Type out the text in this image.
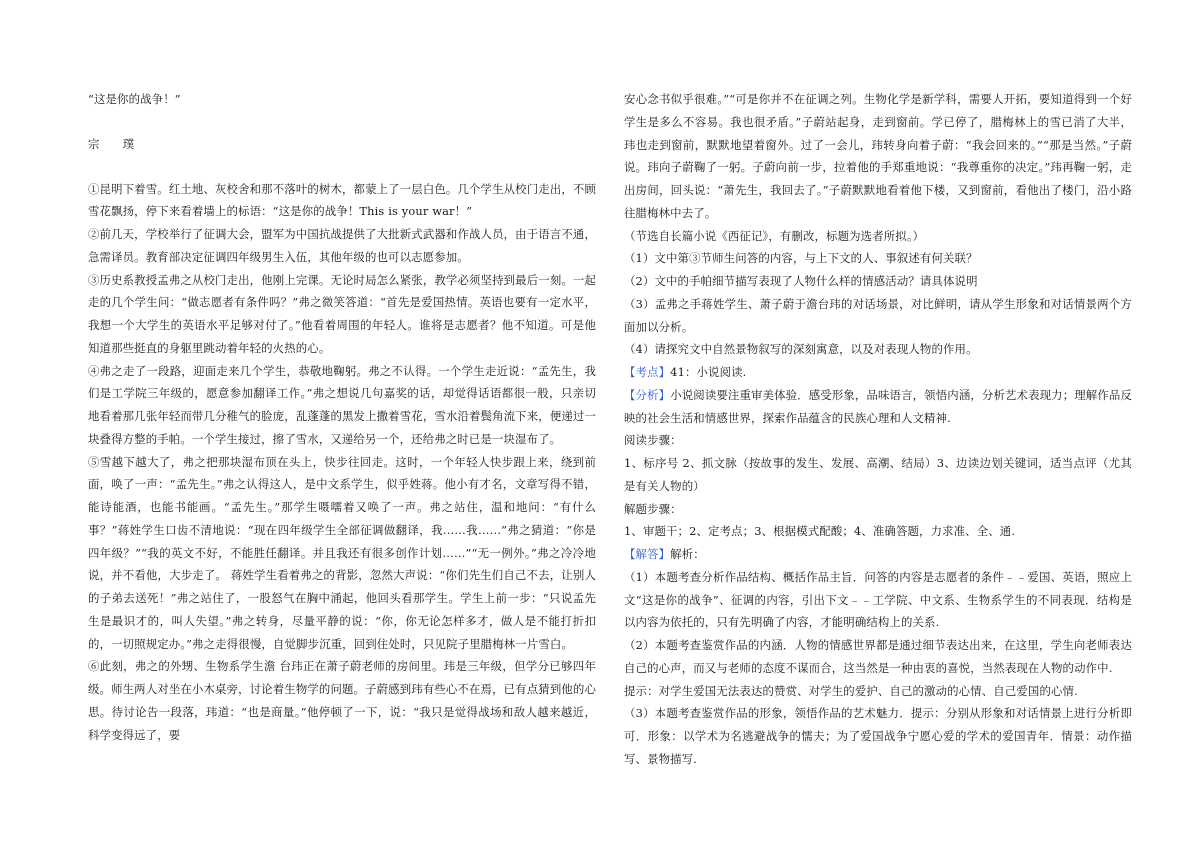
“这是你的战争！”

宗　璞

①昆明下着雪。红土地、灰校舍和那不落叶的树木，都蒙上了一层白色。几个学生从校门走出，不顾雪花飘扬，停下来看着墙上的标语：“这是你的战争！This is your war！”

②前几天，学校举行了征调大会，盟军为中国抗战提供了大批新式武器和作战人员，由于语言不通，急需译员。教育部决定征调四年级男生入伍，其他年级的也可以志愿参加。

③历史系教授孟弗之从校门走出，他刚上完课。无论时局怎么紧张，教学必须坚持到最后一刻。一起走的几个学生问：“做志愿者有条件吗？”弗之微笑答道：“首先是爱国热情。英语也要有一定水平，我想一个大学生的英语水平足够对付了。”他看着周围的年轻人。谁将是志愿者？他不知道。可是他知道那些挺直的身躯里跳动着年轻的火热的心。

④弗之走了一段路，迎面走来几个学生，恭敬地鞠躬。弗之不认得。一个学生走近说：“孟先生，我们是工学院三年级的，愿意参加翻译工作。”弗之想说几句嘉奖的话，却觉得话语都很一般，只亲切地看着那几张年轻而带几分稚气的脸庞，乱蓬蓬的黑发上撒着雪花，雪水沿着鬓角流下来，便递过一块叠得方整的手帕。一个学生接过，擦了雪水，又递给另一个，还给弗之时已是一块湿布了。

⑤雪越下越大了，弗之把那块湿布顶在头上，快步往回走。这时，一个年轻人快步跟上来，绕到前面，唤了一声：“孟先生。”弗之认得这人，是中文系学生，似乎姓蒋。他小有才名，文章写得不错，能诗能酒，也能书能画。“孟先生。”那学生嗫嚅着又唤了一声。弗之站住，温和地问：“有什么事？”蒋姓学生口齿不清地说：“现在四年级学生全部征调做翻译，我……我……”弗之猜道：“你是四年级？”“我的英文不好，不能胜任翻译。并且我还有很多创作计划……”“无一例外。”弗之冷冷地说，并不看他，大步走了。 蒋姓学生看着弗之的背影，忽然大声说：“你们先生们自己不去，让别人的子弟去送死！”弗之站住了，一股怒气在胸中涌起，他回头看那学生。学生上前一步：“只说孟先生是最识才的，叫人失望。”弗之转身，尽量平静的说：“你，你无论怎样多才，做人是不能打折扣的，一切照规定办。”弗之走得很慢，自觉脚步沉重，回到住处时，只见院子里腊梅林一片雪白。

⑥此刻，弗之的外甥、生物系学生澹 台玮正在萧子蔚老师的房间里。玮是三年级，但学分已够四年级。师生两人对坐在小木桌旁，讨论着生物学的问题。子蔚感到玮有些心不在焉，已有点猜到他的心思。待讨论告一段落，玮道：“也是商量。”他停顿了一下，说：“我只是觉得战场和敌人越来越近，科学变得远了，要

安心念书似乎很难。”“可是你并不在征调之列。生物化学是新学科，需要人开拓，要知道得到一个好学生是多么不容易。我也很矛盾。”子蔚站起身，走到窗前。学已停了，腊梅林上的雪已消了大半，玮也走到窗前，默默地望着窗外。过了一会儿，玮转身向着子蔚：“我会回来的。”“那是当然。”子蔚说。玮向子蔚鞠了一躬。子蔚向前一步，拉着他的手郑重地说：“我尊重你的决定。”玮再鞠一躬，走出房间，回头说：“萧先生，我回去了。”子蔚默默地看着他下楼，又到窗前，看他出了楼门，沿小路往腊梅林中去了。

（节选自长篇小说《西征记》，有删改，标题为选者所拟。）

（1）文中第③节师生问答的内容，与上下文的人、事叙述有何关联？

（2）文中的手帕细节描写表现了人物什么样的情感活动？请具体说明

（3）孟弗之手蒋姓学生、萧子蔚于澹台玮的对话场景，对比鲜明，请从学生形象和对话情景两个方面加以分析。

（4）请探究文中自然景物叙写的深刻寓意，以及对表现人物的作用。

【考点】41：小说阅读.

【分析】小说阅读要注重审美体验．感受形象，品味语言，领悟内涵，分析艺术表现力；理解作品反映的社会生活和情感世界，探索作品蕴含的民族心理和人文精神.

阅读步骤：

1、标序号 2、抓文脉（按故事的发生、发展、高潮、结局）3、边读边划关键词，适当点评（尤其是有关人物的）

解题步骤：

1、审题干；2、定考点；3、根据模式配酸；4、准确答题，力求准、全、通.

【解答】解析：

（1）本题考查分析作品结构、概括作品主旨．问答的内容是志愿者的条件﹣﹣爱国、英语，照应上文“这是你的战争”、征调的内容，引出下文﹣﹣工学院、中文系、生物系学生的不同表现．结构是以内容为依托的，只有先明确了内容，才能明确结构上的关系.

（2）本题考查鉴赏作品的内涵．人物的情感世界都是通过细节表达出来，在这里，学生向老师表达自己的心声，而又与老师的态度不谋而合，这当然是一种由衷的喜悦，当然表现在人物的动作中.

提示：对学生爱国无法表达的赞赏、对学生的爱护、自己的激动的心情、自己爱国的心情.

（3）本题考查鉴赏作品的形象，领悟作品的艺术魅力．提示：分别从形象和对话情景上进行分析即可．形象：以学术为名逃避战争的懦夫；为了爱国战争宁愿心爱的学术的爱国青年．情景：动作描写、景物描写.
